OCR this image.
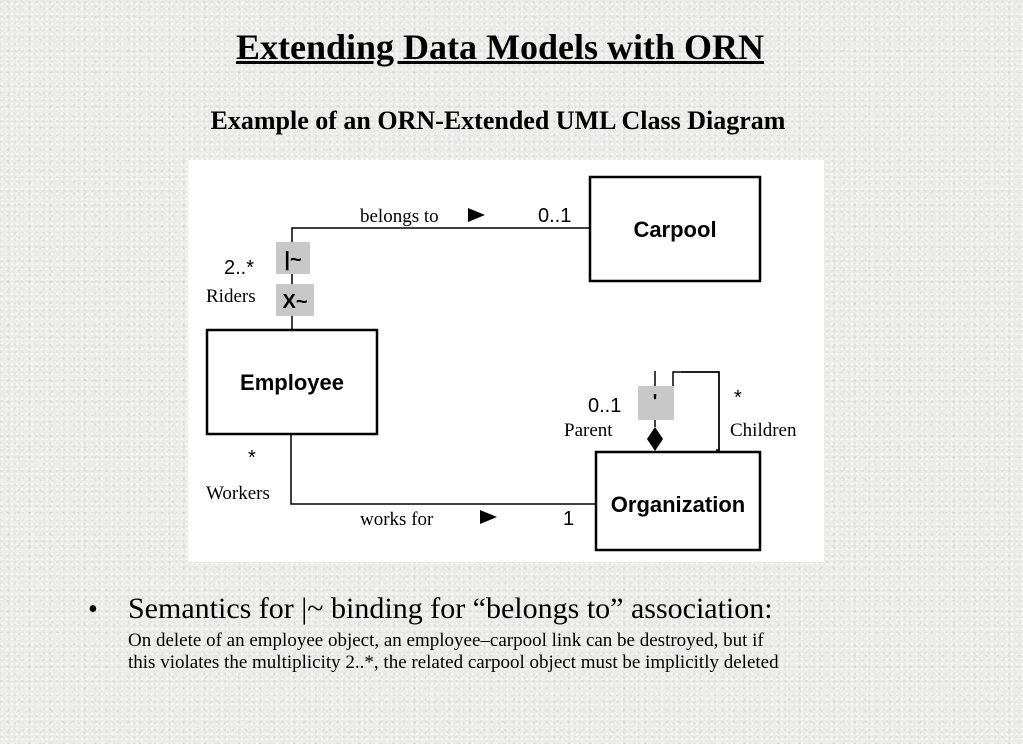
Extending Data Models with ORN
Example of an ORN-Extended UML Class Diagram
Carpool
Employee
Organization
|~
X~
'
belongs to
works for
0..1
2..*
*
1
0..1	*
Riders
Workers
Parent	Children
• Semantics for |~ binding for “belongs to” association:
On delete of an employee object, an employee–carpool link can be destroyed, but if
this violates the multiplicity 2..*, the related carpool object must be implicitly deleted
